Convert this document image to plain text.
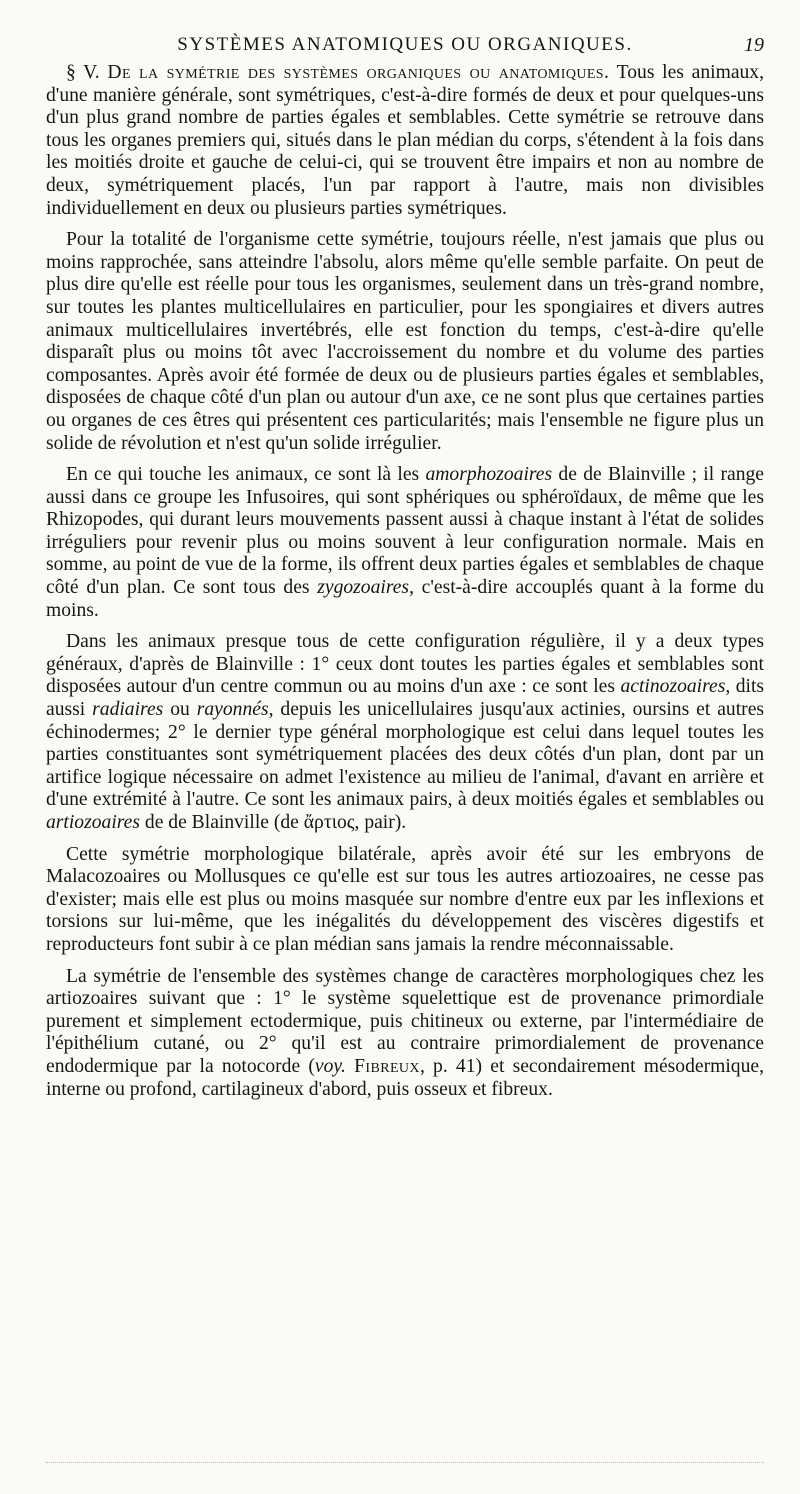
SYSTÈMES ANATOMIQUES OU ORGANIQUES.	19

§ V. De la symétrie des systèmes organiques ou anatomiques. Tous les animaux, d'une manière générale, sont symétriques, c'est-à-dire formés de deux et pour quelques-uns d'un plus grand nombre de parties égales et semblables. Cette symétrie se retrouve dans tous les organes premiers qui, situés dans le plan médian du corps, s'étendent à la fois dans les moitiés droite et gauche de celui-ci, qui se trouvent être impairs et non au nombre de deux, symétriquement placés, l'un par rapport à l'autre, mais non divisibles individuellement en deux ou plusieurs parties symétriques.

Pour la totalité de l'organisme cette symétrie, toujours réelle, n'est jamais que plus ou moins rapprochée, sans atteindre l'absolu, alors même qu'elle semble parfaite. On peut de plus dire qu'elle est réelle pour tous les organismes, seulement dans un très-grand nombre, sur toutes les plantes multicellulaires en particulier, pour les spongiaires et divers autres animaux multicellulaires invertébrés, elle est fonction du temps, c'est-à-dire qu'elle disparaît plus ou moins tôt avec l'accroissement du nombre et du volume des parties composantes. Après avoir été formée de deux ou de plusieurs parties égales et semblables, disposées de chaque côté d'un plan ou autour d'un axe, ce ne sont plus que certaines parties ou organes de ces êtres qui présentent ces particularités; mais l'ensemble ne figure plus un solide de révolution et n'est qu'un solide irrégulier.

En ce qui touche les animaux, ce sont là les amorphozoaires de de Blainville ; il range aussi dans ce groupe les Infusoires, qui sont sphériques ou sphéroïdaux, de même que les Rhizopodes, qui durant leurs mouvements passent aussi à chaque instant à l'état de solides irréguliers pour revenir plus ou moins souvent à leur configuration normale. Mais en somme, au point de vue de la forme, ils offrent deux parties égales et semblables de chaque côté d'un plan. Ce sont tous des zygozoaires, c'est-à-dire accouplés quant à la forme du moins.

Dans les animaux presque tous de cette configuration régulière, il y a deux types généraux, d'après de Blainville : 1° ceux dont toutes les parties égales et semblables sont disposées autour d'un centre commun ou au moins d'un axe : ce sont les actinozoaires, dits aussi radiaires ou rayonnés, depuis les unicellulaires jusqu'aux actinies, oursins et autres échinodermes; 2° le dernier type général morphologique est celui dans lequel toutes les parties constituantes sont symétriquement placées des deux côtés d'un plan, dont par un artifice logique nécessaire on admet l'existence au milieu de l'animal, d'avant en arrière et d'une extrémité à l'autre. Ce sont les animaux pairs, à deux moitiés égales et semblables ou artiozoaires de de Blainville (de ἄρτιος, pair).

Cette symétrie morphologique bilatérale, après avoir été sur les embryons de Malacozoaires ou Mollusques ce qu'elle est sur tous les autres artiozoaires, ne cesse pas d'exister; mais elle est plus ou moins masquée sur nombre d'entre eux par les inflexions et torsions sur lui-même, que les inégalités du développement des viscères digestifs et reproducteurs font subir à ce plan médian sans jamais la rendre méconnaissable.

La symétrie de l'ensemble des systèmes change de caractères morphologiques chez les artiozoaires suivant que : 1° le système squelettique est de provenance primordiale purement et simplement ectodermique, puis chitineux ou externe, par l'intermédiaire de l'épithélium cutané, ou 2° qu'il est au contraire primordialement de provenance endodermique par la notocorde (voy. Fibreux, p. 41) et secondairement mésodermique, interne ou profond, cartilagineux d'abord, puis osseux et fibreux.
